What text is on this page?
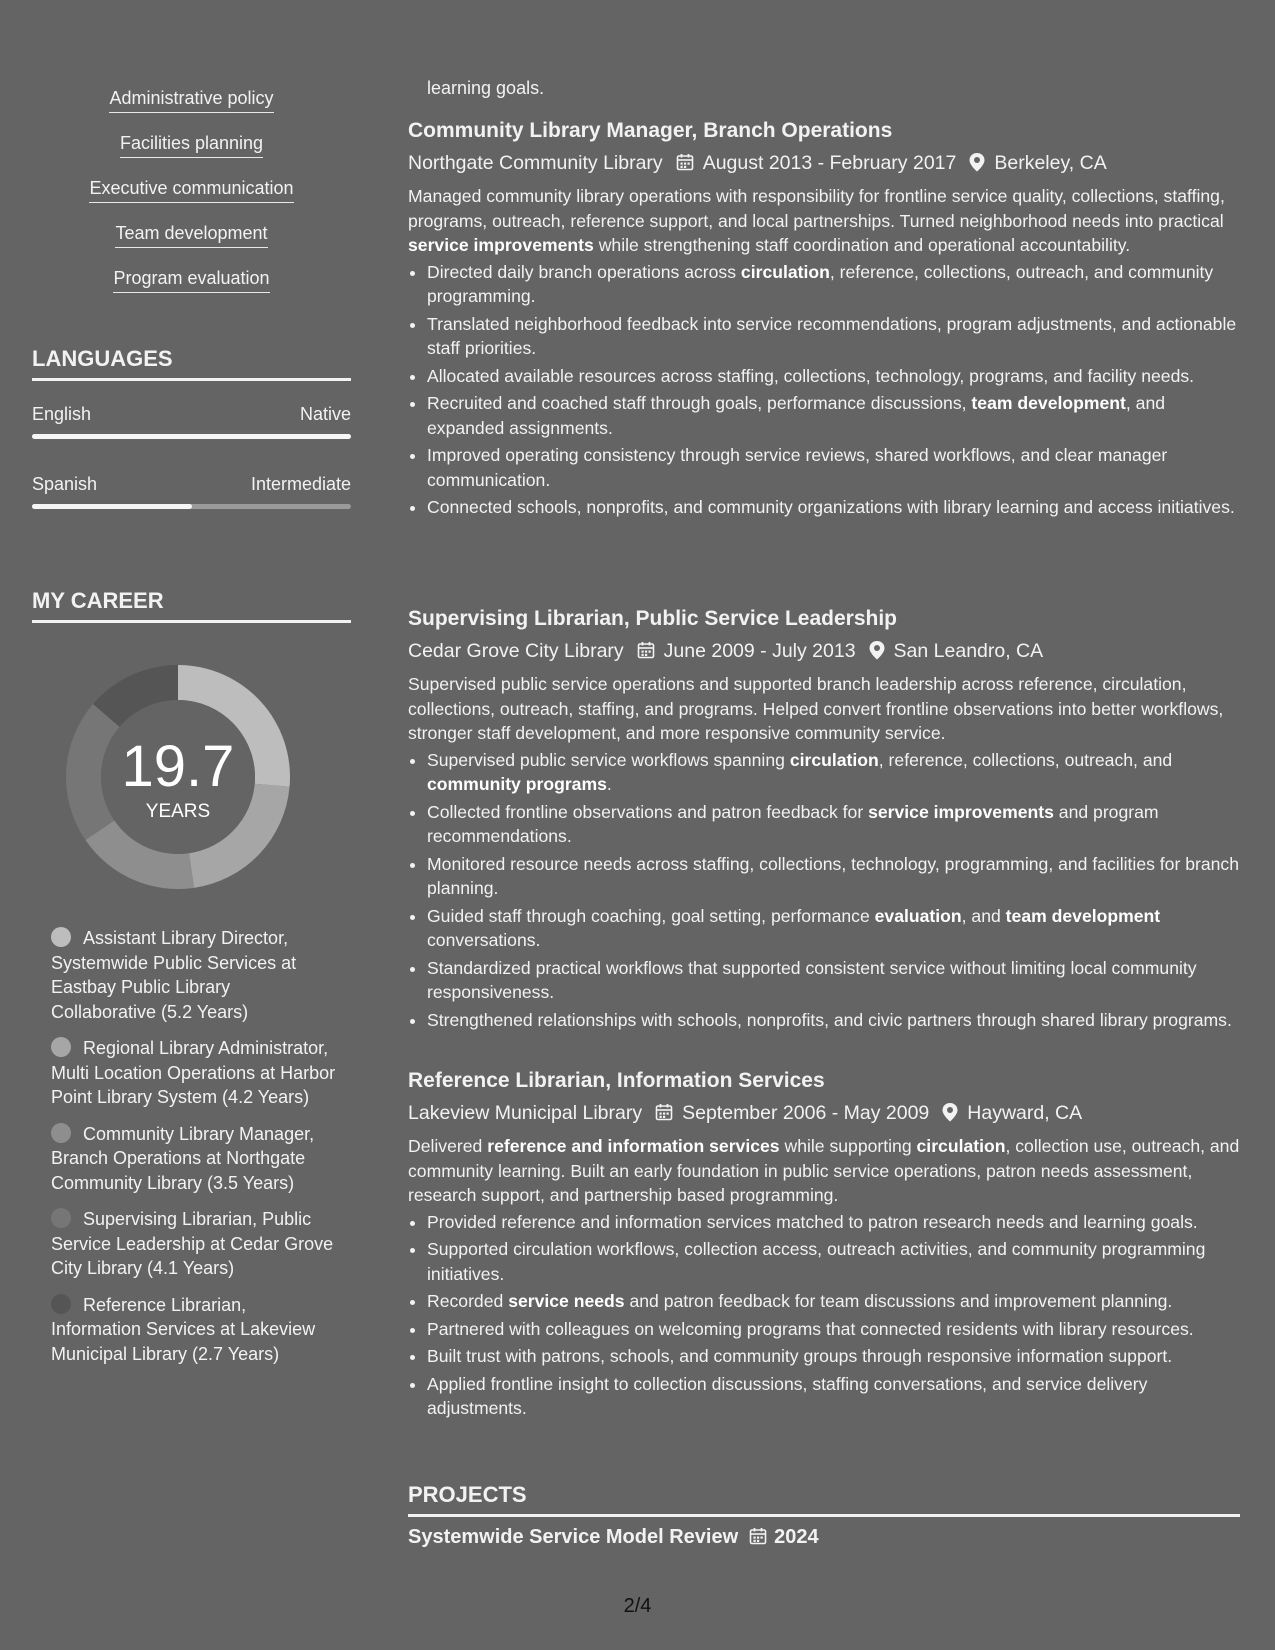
Administrative policy
Facilities planning
Executive communication
Team development
Program evaluation
LANGUAGES
English	Native
Spanish	Intermediate
MY CAREER
19.7
YEARS
Assistant Library Director, Systemwide Public Services at Eastbay Public Library Collaborative (5.2 Years)
Regional Library Administrator, Multi Location Operations at Harbor Point Library System (4.2 Years)
Community Library Manager, Branch Operations at Northgate Community Library (3.5 Years)
Supervising Librarian, Public Service Leadership at Cedar Grove City Library (4.1 Years)
Reference Librarian, Information Services at Lakeview Municipal Library (2.7 Years)
learning goals.
Community Library Manager, Branch Operations
Northgate Community Library August 2013 - February 2017 Berkeley, CA
Managed community library operations with responsibility for frontline service quality, collections, staffing, programs, outreach, reference support, and local partnerships. Turned neighborhood needs into practical service improvements while strengthening staff coordination and operational accountability.
• Directed daily branch operations across circulation, reference, collections, outreach, and community programming.
• Translated neighborhood feedback into service recommendations, program adjustments, and actionable staff priorities.
• Allocated available resources across staffing, collections, technology, programs, and facility needs.
• Recruited and coached staff through goals, performance discussions, team development, and expanded assignments.
• Improved operating consistency through service reviews, shared workflows, and clear manager communication.
• Connected schools, nonprofits, and community organizations with library learning and access initiatives.
Supervising Librarian, Public Service Leadership
Cedar Grove City Library June 2009 - July 2013 San Leandro, CA
Supervised public service operations and supported branch leadership across reference, circulation, collections, outreach, staffing, and programs. Helped convert frontline observations into better workflows, stronger staff development, and more responsive community service.
• Supervised public service workflows spanning circulation, reference, collections, outreach, and community programs.
• Collected frontline observations and patron feedback for service improvements and program recommendations.
• Monitored resource needs across staffing, collections, technology, programming, and facilities for branch planning.
• Guided staff through coaching, goal setting, performance evaluation, and team development conversations.
• Standardized practical workflows that supported consistent service without limiting local community responsiveness.
• Strengthened relationships with schools, nonprofits, and civic partners through shared library programs.
Reference Librarian, Information Services
Lakeview Municipal Library September 2006 - May 2009 Hayward, CA
Delivered reference and information services while supporting circulation, collection use, outreach, and community learning. Built an early foundation in public service operations, patron needs assessment, research support, and partnership based programming.
• Provided reference and information services matched to patron research needs and learning goals.
• Supported circulation workflows, collection access, outreach activities, and community programming initiatives.
• Recorded service needs and patron feedback for team discussions and improvement planning.
• Partnered with colleagues on welcoming programs that connected residents with library resources.
• Built trust with patrons, schools, and community groups through responsive information support.
• Applied frontline insight to collection discussions, staffing conversations, and service delivery adjustments.
PROJECTS
Systemwide Service Model Review 2024
2/4
